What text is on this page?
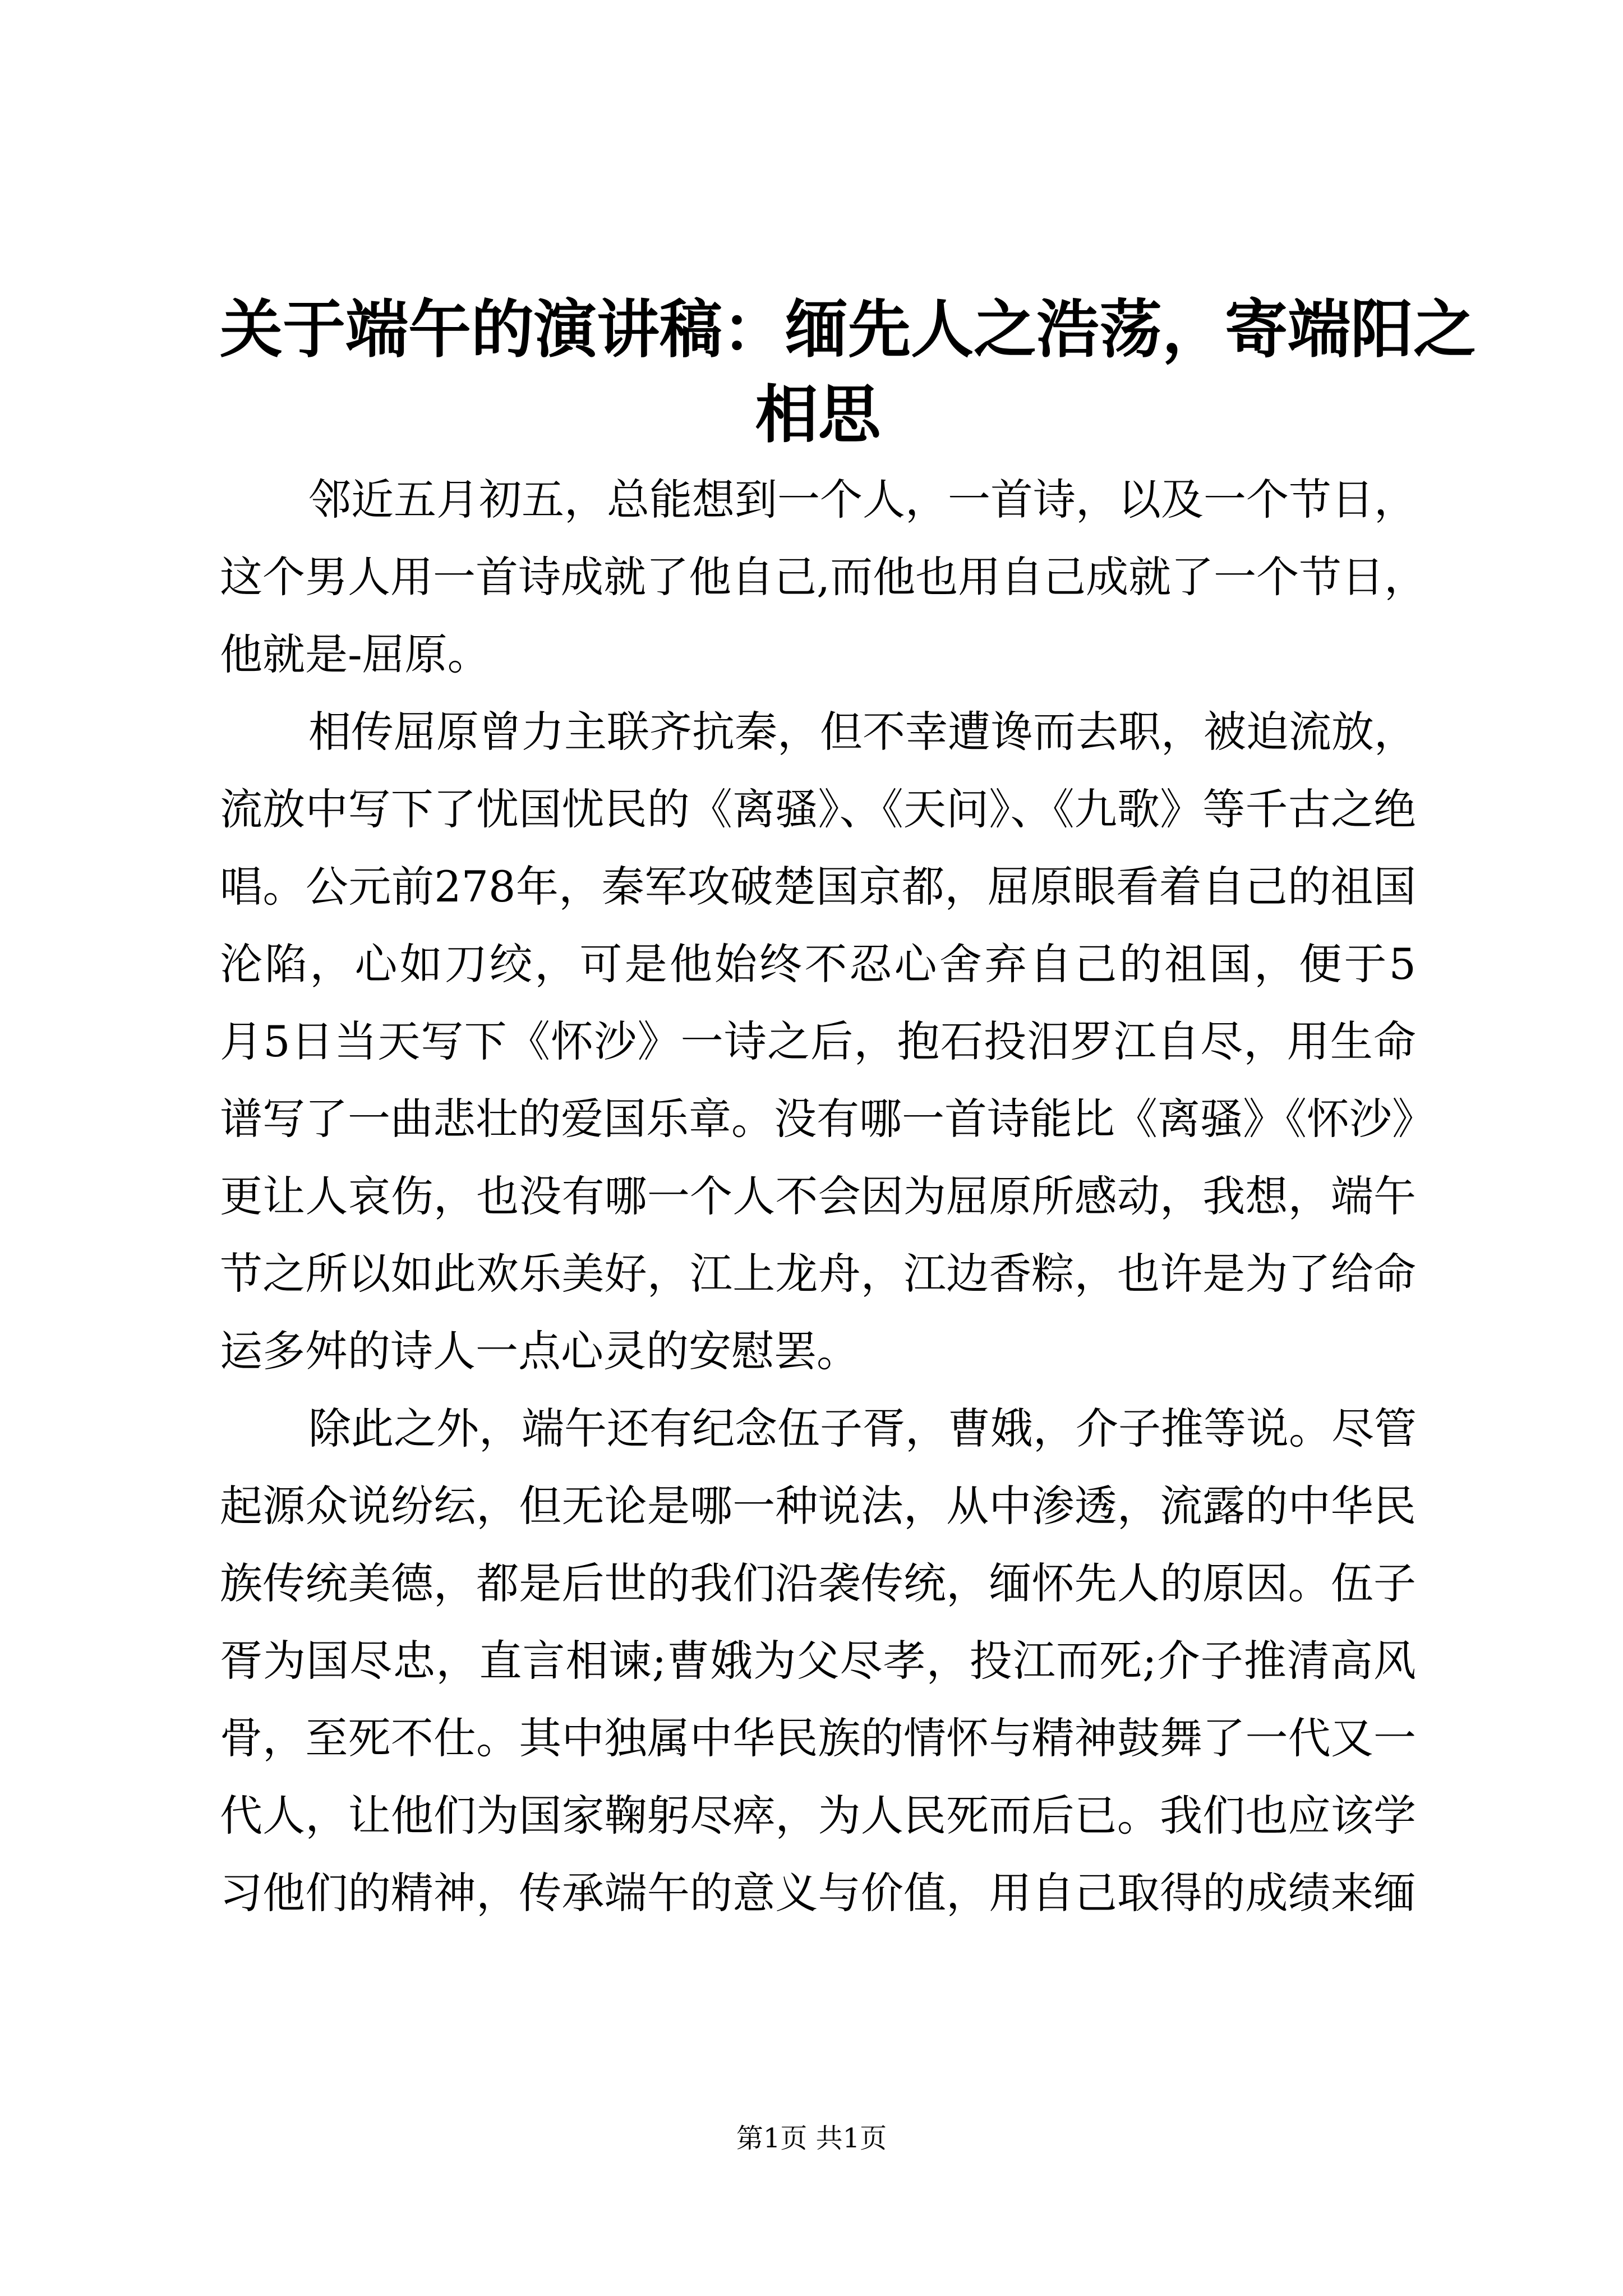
关于端午的演讲稿：缅先人之浩荡，寄端阳之
相思
邻近五月初五，总能想到一个人，一首诗，以及一个节日，
这个男人用一首诗成就了他自己,而他也用自己成就了一个节日，
他就是-屈原。
相传屈原曾力主联齐抗秦，但不幸遭谗而去职，被迫流放，
流放中写下了忧国忧民的《离骚》、《天问》、《九歌》等千古之绝
唱。公元前278年，秦军攻破楚国京都，屈原眼看着自己的祖国
沦陷，心如刀绞，可是他始终不忍心舍弃自己的祖国，便于5
月5日当天写下《怀沙》一诗之后，抱石投汨罗江自尽，用生命
谱写了一曲悲壮的爱国乐章。没有哪一首诗能比《离骚》《怀沙》
更让人哀伤，也没有哪一个人不会因为屈原所感动，我想，端午
节之所以如此欢乐美好，江上龙舟，江边香粽，也许是为了给命
运多舛的诗人一点心灵的安慰罢。
除此之外，端午还有纪念伍子胥，曹娥，介子推等说。尽管
起源众说纷纭，但无论是哪一种说法，从中渗透，流露的中华民
族传统美德，都是后世的我们沿袭传统，缅怀先人的原因。伍子
胥为国尽忠，直言相谏;曹娥为父尽孝，投江而死;介子推清高风
骨，至死不仕。其中独属中华民族的情怀与精神鼓舞了一代又一
代人，让他们为国家鞠躬尽瘁，为人民死而后已。我们也应该学
习他们的精神，传承端午的意义与价值，用自己取得的成绩来缅
第1页 共1页
